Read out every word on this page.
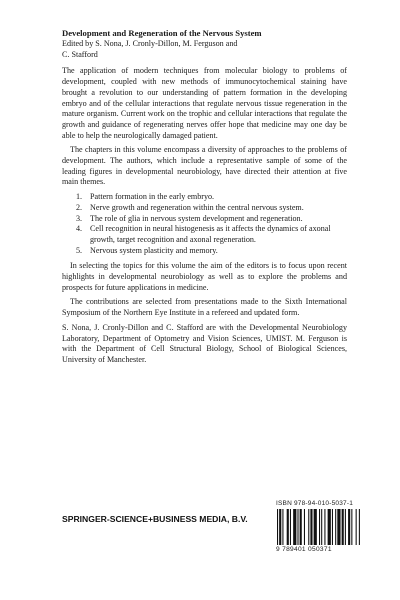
Development and Regeneration of the Nervous System

Edited by S. Nona, J. Cronly-Dillon, M. Ferguson and
C. Stafford

The application of modern techniques from molecular biology to problems of development, coupled with new methods of immunocytochemical staining have brought a revolution to our understanding of pattern formation in the developing embryo and of the cellular interactions that regulate nervous tissue regeneration in the mature organism. Current work on the trophic and cellular interactions that regulate the growth and guidance of regenerating nerves offer hope that medicine may one day be able to help the neurologically damaged patient.

The chapters in this volume encompass a diversity of approaches to the problems of development. The authors, which include a representative sample of some of the leading figures in developmental neurobiology, have directed their attention at five main themes.

1. Pattern formation in the early embryo.
2. Nerve growth and regeneration within the central nervous system.
3. The role of glia in nervous system development and regeneration.
4. Cell recognition in neural histogenesis as it affects the dynamics of axonal growth, target recognition and axonal regeneration.
5. Nervous system plasticity and memory.

In selecting the topics for this volume the aim of the editors is to focus upon recent highlights in developmental neurobiology as well as to explore the problems and prospects for future applications in medicine.

The contributions are selected from presentations made to the Sixth International Symposium of the Northern Eye Institute in a refereed and updated form.

S. Nona, J. Cronly-Dillon and C. Stafford are with the Developmental Neurobiology Laboratory, Department of Optometry and Vision Sciences, UMIST. M. Ferguson is with the Department of Cell Structural Biology, School of Biological Sciences, University of Manchester.

SPRINGER-SCIENCE+BUSINESS MEDIA, B.V.
ISBN 978-94-010-5037-1
9 789401 050371
